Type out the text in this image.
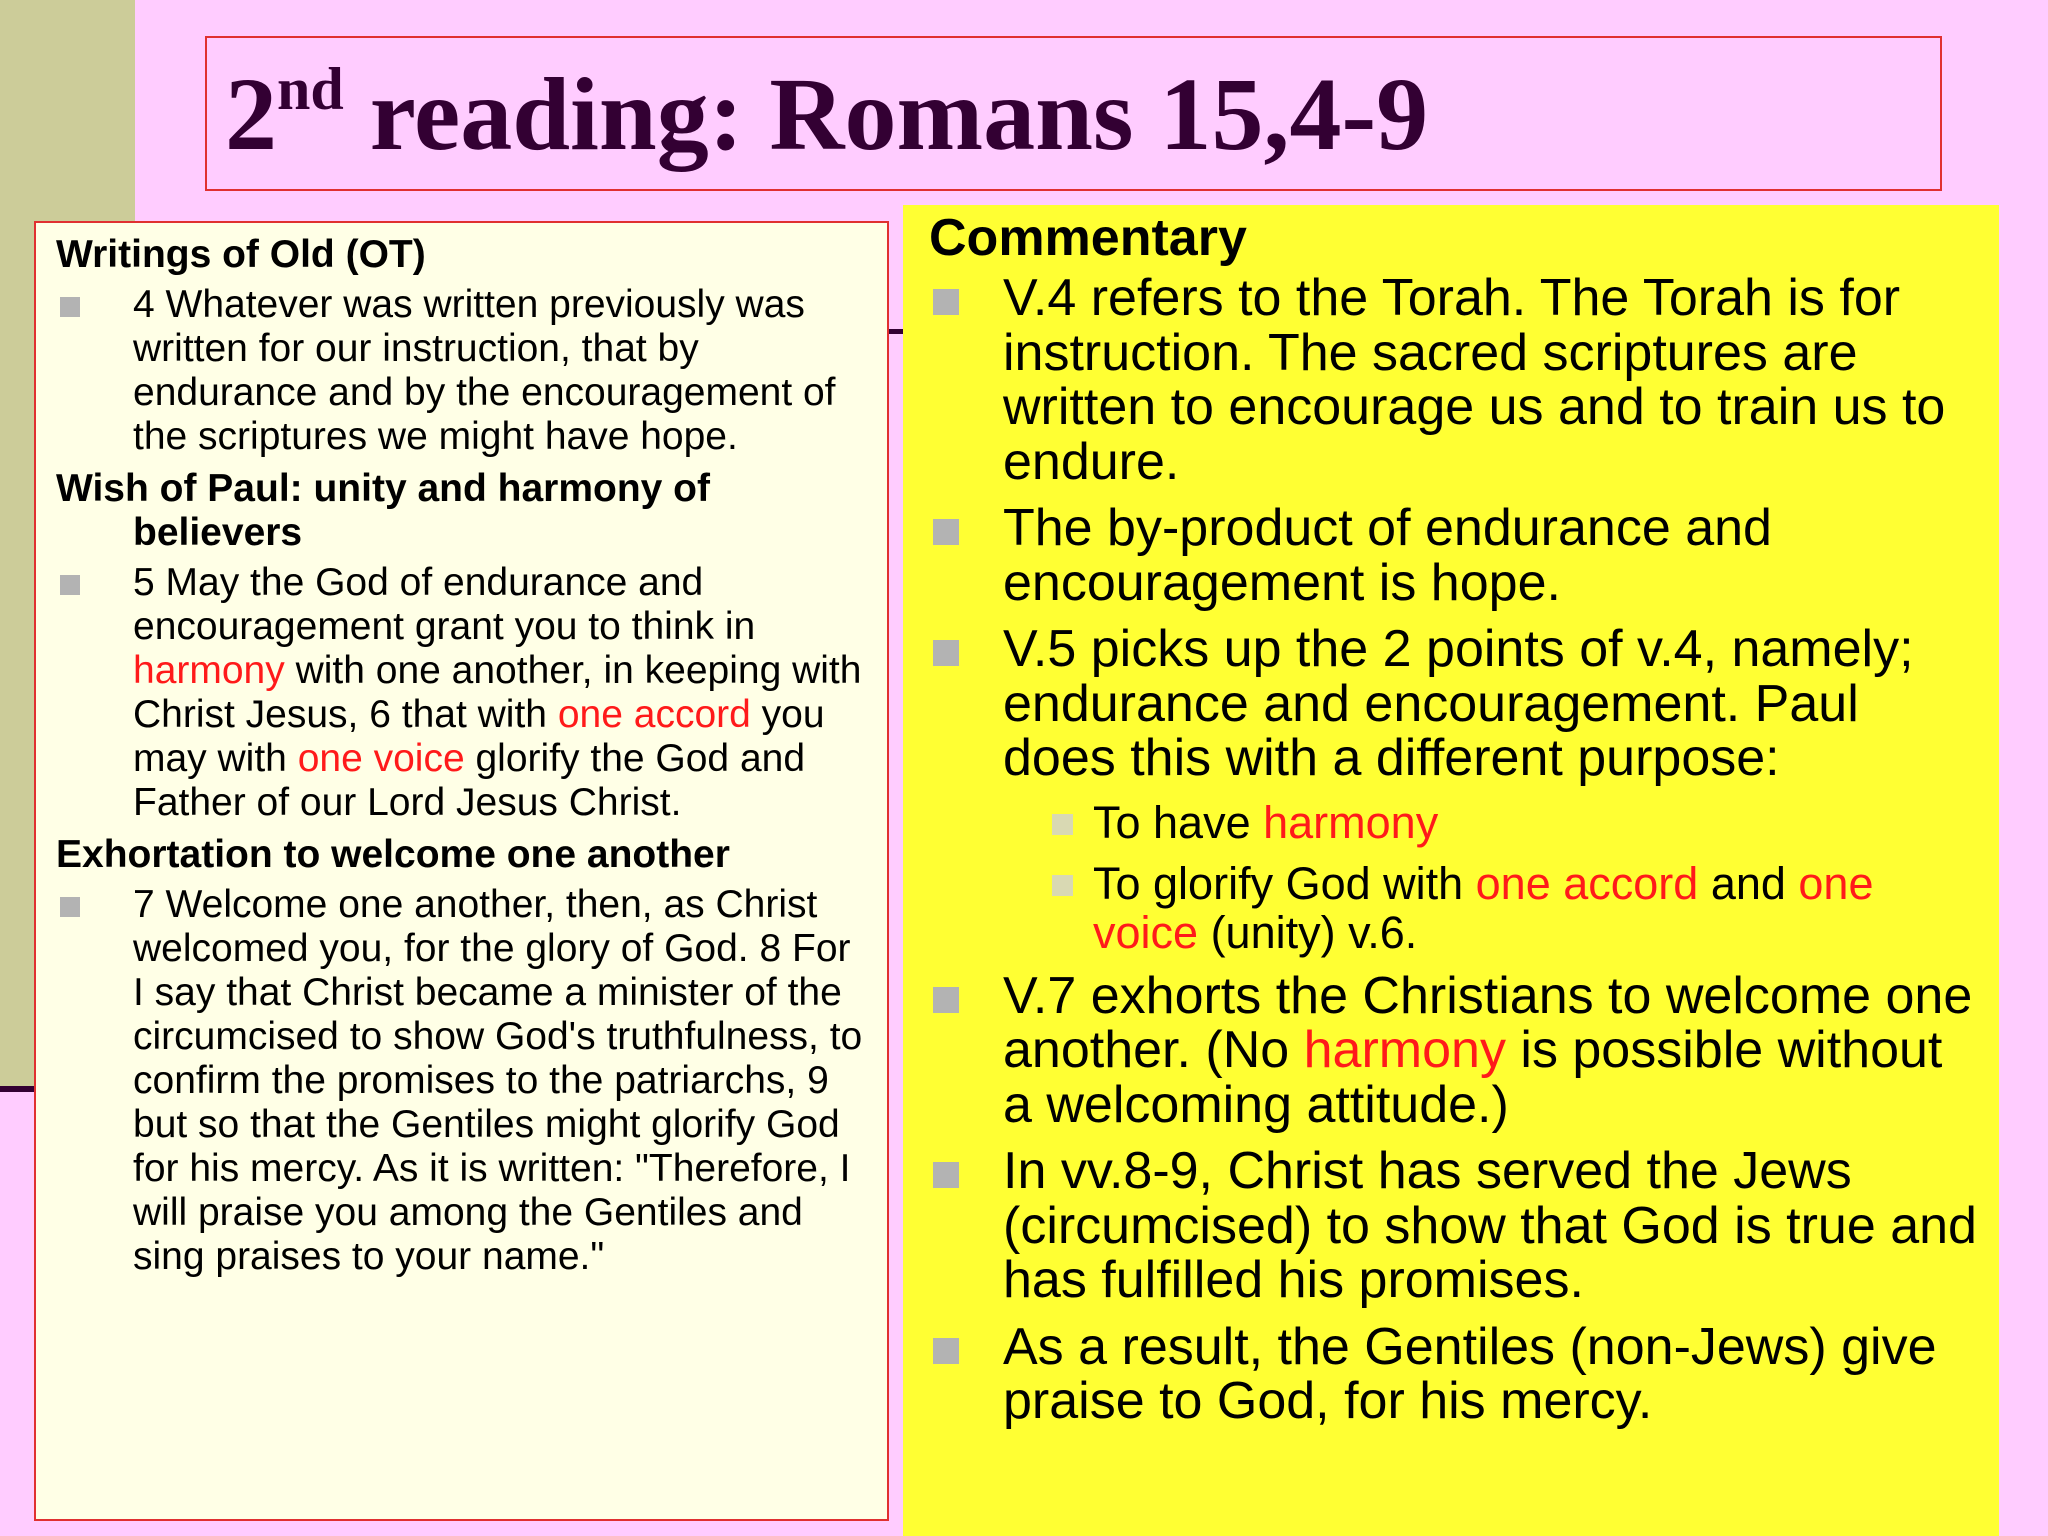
2nd reading: Romans 15,4-9
Writings of Old (OT)
4 Whatever was written previously was written for our instruction, that by endurance and by the encouragement of the scriptures we might have hope.
Wish of Paul: unity and harmony of believers
5 May the God of endurance and encouragement grant you to think in harmony with one another, in keeping with Christ Jesus, 6 that with one accord you may with one voice glorify the God and Father of our Lord Jesus Christ.
Exhortation to welcome one another
7 Welcome one another, then, as Christ welcomed you, for the glory of God. 8 For I say that Christ became a minister of the circumcised to show God's truthfulness, to confirm the promises to the patriarchs, 9 but so that the Gentiles might glorify God for his mercy. As it is written: "Therefore, I will praise you among the Gentiles and sing praises to your name."
Commentary
V.4 refers to the Torah. The Torah is for instruction. The sacred scriptures are written to encourage us and to train us to endure.
The by-product of endurance and encouragement is hope.
V.5 picks up the 2 points of v.4, namely; endurance and encouragement. Paul does this with a different purpose:
To have harmony
To glorify God with one accord and one voice (unity) v.6.
V.7 exhorts the Christians to welcome one another. (No harmony is possible without a welcoming attitude.)
In vv.8-9, Christ has served the Jews (circumcised) to show that God is true and has fulfilled his promises.
As a result, the Gentiles (non-Jews) give praise to God, for his mercy.
